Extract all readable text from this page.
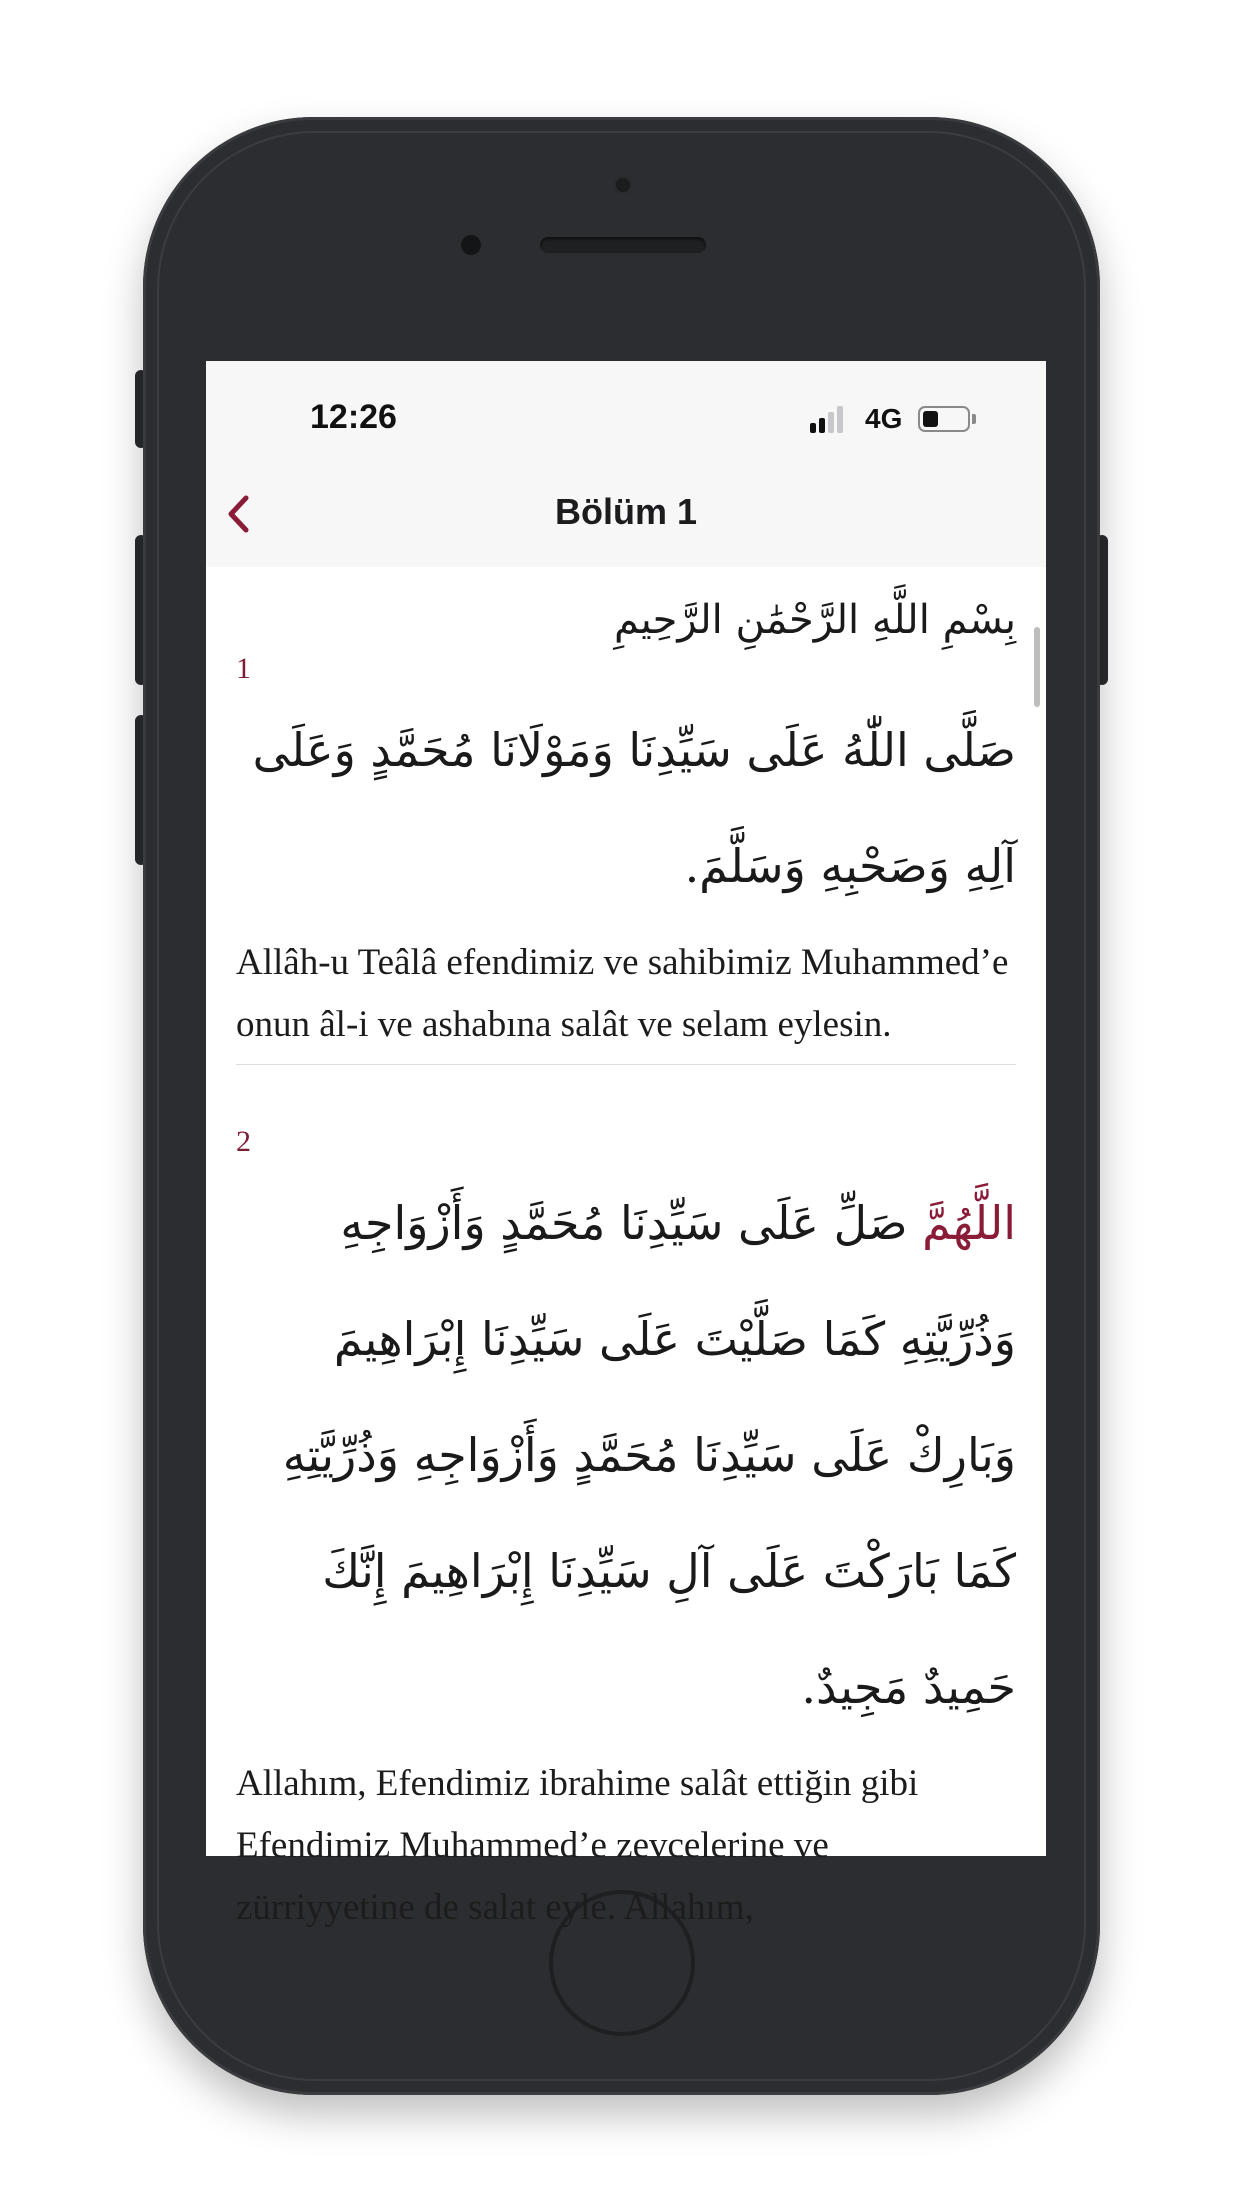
12:26	4G
Bölüm 1
بِسْمِ اللَّهِ الرَّحْمَٰنِ الرَّحِيمِ
1

صَلَّى اللّٰهُ عَلَى سَيِّدِنَا وَمَوْلَانَا مُحَمَّدٍ وَعَلَى آلِهِ وَصَحْبِهِ وَسَلَّمَ.

Allâh-u Teâlâ efendimiz ve sahibimiz Muhammed’e onun âl-i ve ashabına salât ve selam eylesin.

2

اللَّهُمَّ صَلِّ عَلَى سَيِّدِنَا مُحَمَّدٍ وَأَزْوَاجِهِ وَذُرِّيَّتِهِ كَمَا صَلَّيْتَ عَلَى سَيِّدِنَا إِبْرَاهِيمَ وَبَارِكْ عَلَى سَيِّدِنَا مُحَمَّدٍ وَأَزْوَاجِهِ وَذُرِّيَّتِهِ كَمَا بَارَكْتَ عَلَى آلِ سَيِّدِنَا إِبْرَاهِيمَ إِنَّكَ حَمِيدٌ مَجِيدٌ.

Allahım, Efendimiz ibrahime salât ettiğin gibi Efendimiz Muhammed’e zevcelerine ve zürriyyetine de salat eyle. Allahım,
